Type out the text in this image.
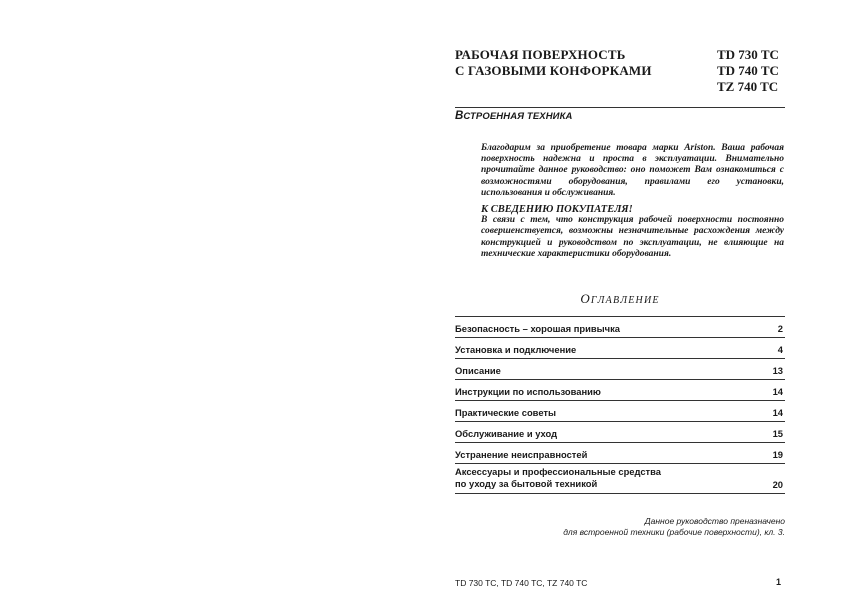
РАБОЧАЯ ПОВЕРХНОСТЬ
С ГАЗОВЫМИ КОНФОРКАМИ
TD 730 TC
TD 740 TC
TZ 740 TC
ВСТРОЕННАЯ ТЕХНИКА

Благодарим за приобретение товара марки Ariston. Ваша рабочая поверхность надежна и проста в эксплуатации. Внимательно прочитайте данное руководство: оно поможет Вам ознакомиться с возможностями оборудования, правилами его установки, использования и обслуживания.

К СВЕДЕНИЮ ПОКУПАТЕЛЯ!

В связи с тем, что конструкция рабочей поверхности постоянно совершенствуется, возможны незначительные расхождения между конструкцией и руководством по эксплуатации, не влияющие на технические характеристики оборудования.

ОГЛАВЛЕНИЕ
Безопасность – хорошая привычка	2
Установка и подключение	4
Описание	13
Инструкции по использованию	14
Практические советы	14
Обслуживание и уход	15
Устранение неисправностей	19
Аксессуары и профессиональные средства
по уходу за бытовой техникой	20
Данное руководство преназначено
для встроенной техники (рабочие поверхности), кл. 3.
TD 730 TC, TD 740 TC, TZ 740 TC	1
